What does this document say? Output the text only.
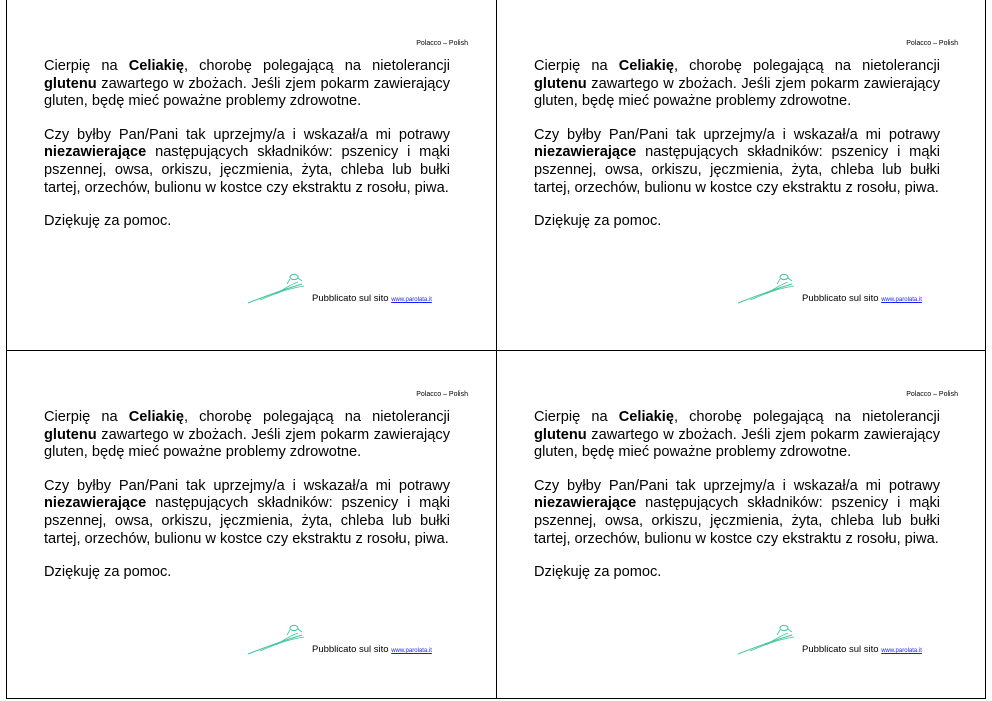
Polacco – Polish

Cierpię na Celiakię, chorobę polegającą na nietolerancji glutenu zawartego w zbożach. Jeśli zjem pokarm zawierający gluten, będę mieć poważne problemy zdrowotne.

Czy byłby Pan/Pani tak uprzejmy/a i wskazał/a mi potrawy niezawierające następujących składników: pszenicy i mąki pszennej, owsa, orkiszu, jęczmienia, żyta, chleba lub bułki tartej, orzechów, bulionu w kostce czy ekstraktu z rosołu, piwa.

Dziękuję za pomoc.

Pubblicato sul sito www.parolata.it
Polacco – Polish

Cierpię na Celiakię, chorobę polegającą na nietolerancji glutenu zawartego w zbożach. Jeśli zjem pokarm zawierający gluten, będę mieć poważne problemy zdrowotne.

Czy byłby Pan/Pani tak uprzejmy/a i wskazał/a mi potrawy niezawierające następujących składników: pszenicy i mąki pszennej, owsa, orkiszu, jęczmienia, żyta, chleba lub bułki tartej, orzechów, bulionu w kostce czy ekstraktu z rosołu, piwa.

Dziękuję za pomoc.

Pubblicato sul sito www.parolata.it
Polacco – Polish

Cierpię na Celiakię, chorobę polegającą na nietolerancji glutenu zawartego w zbożach. Jeśli zjem pokarm zawierający gluten, będę mieć poważne problemy zdrowotne.

Czy byłby Pan/Pani tak uprzejmy/a i wskazał/a mi potrawy niezawierające następujących składników: pszenicy i mąki pszennej, owsa, orkiszu, jęczmienia, żyta, chleba lub bułki tartej, orzechów, bulionu w kostce czy ekstraktu z rosołu, piwa.

Dziękuję za pomoc.

Pubblicato sul sito www.parolata.it
Polacco – Polish

Cierpię na Celiakię, chorobę polegającą na nietolerancji glutenu zawartego w zbożach. Jeśli zjem pokarm zawierający gluten, będę mieć poważne problemy zdrowotne.

Czy byłby Pan/Pani tak uprzejmy/a i wskazał/a mi potrawy niezawierające następujących składników: pszenicy i mąki pszennej, owsa, orkiszu, jęczmienia, żyta, chleba lub bułki tartej, orzechów, bulionu w kostce czy ekstraktu z rosołu, piwa.

Dziękuję za pomoc.

Pubblicato sul sito www.parolata.it
